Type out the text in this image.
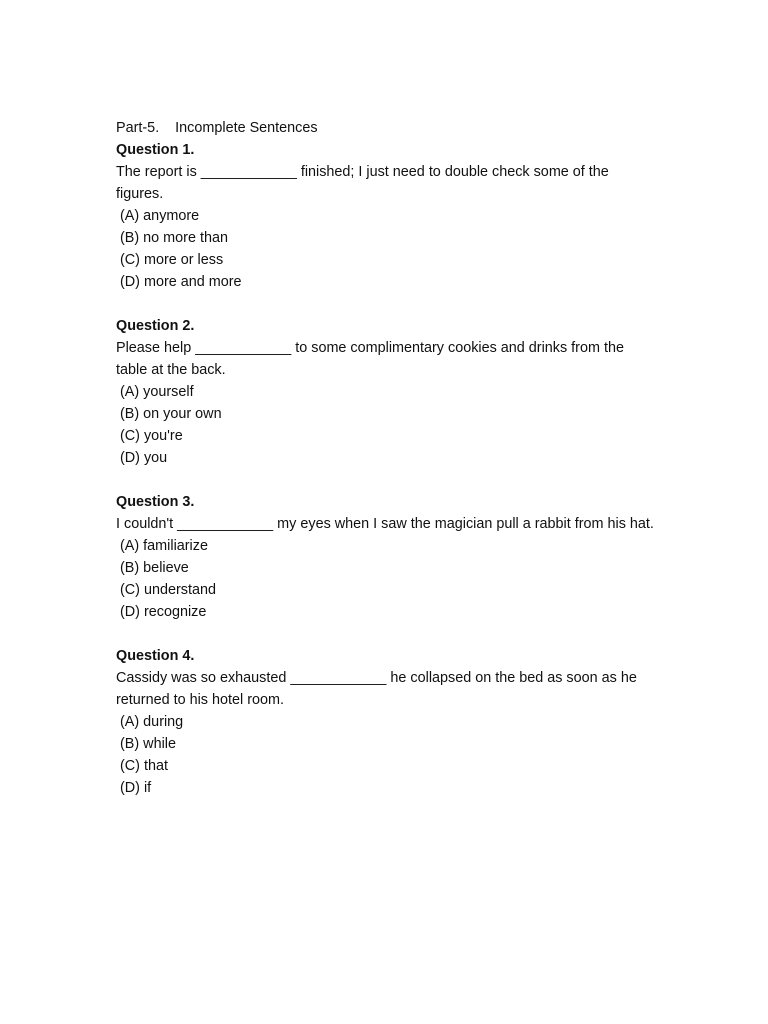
Part-5.    Incomplete Sentences
Question 1.
The report is ____________ finished; I just need to double check some of the figures.
(A) anymore
(B) no more than
(C) more or less
(D) more and more
Question 2.
Please help ____________ to some complimentary cookies and drinks from the table at the back.
(A) yourself
(B) on your own
(C) you're
(D) you
Question 3.
I couldn't ____________ my eyes when I saw the magician pull a rabbit from his hat.
(A) familiarize
(B) believe
(C) understand
(D) recognize
Question 4.
Cassidy was so exhausted ____________ he collapsed on the bed as soon as he returned to his hotel room.
(A) during
(B) while
(C) that
(D) if
